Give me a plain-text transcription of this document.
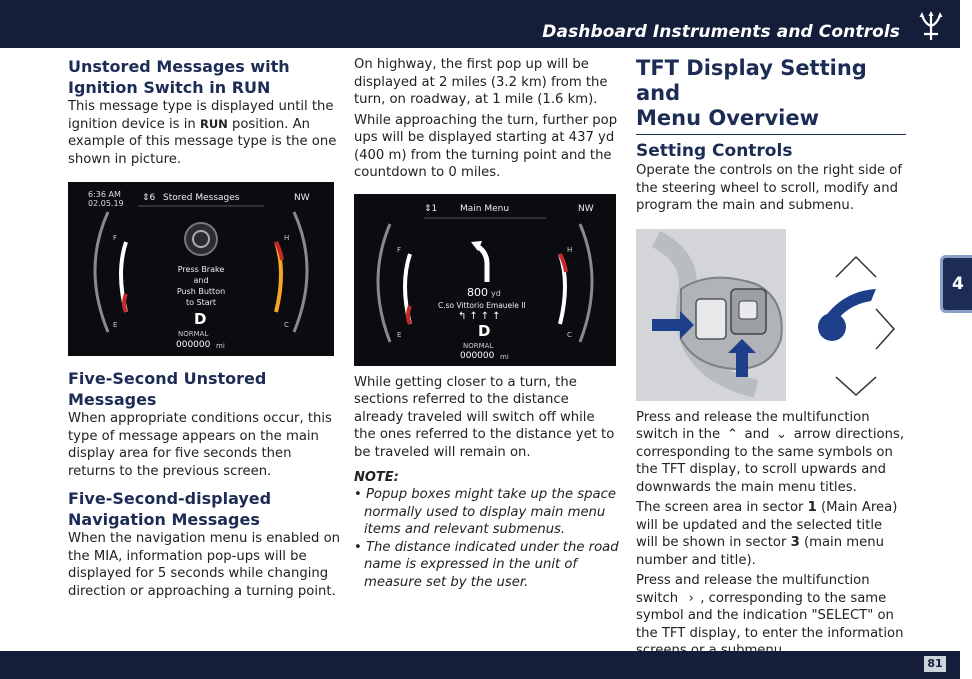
Dashboard Instruments and Controls
4
Unstored Messages with
Ignition Switch in RUN

This message type is displayed until the ignition device is in RUN position. An example of this message type is the one shown in picture.

6:36 AM
02.05.19
⇕6 Stored Messages	NW
F
E
H
C
Press Brake
and
Push Button
to Start
D
NORMAL
000000 mi
Five-Second Unstored
Messages

When appropriate conditions occur, this type of message appears on the main display area for five seconds then returns to the previous screen.

Five-Second-displayed
Navigation Messages

When the navigation menu is enabled on the MIA, information pop-ups will be displayed for 5 seconds while changing direction or approaching a turning point.

On highway, the first pop up will be displayed at 2 miles (3.2 km) from the turn, on roadway, at 1 mile (1.6 km).

While approaching the turn, further pop ups will be displayed starting at 437 yd (400 m) from the turning point and the countdown to 0 miles.

⇕1	Main Menu	NW
F
E
H
C
800 yd
C.so Vittorio Emauele II
↰↑↑↑
D
NORMAL
000000 mi

While getting closer to a turn, the sections referred to the distance already traveled will switch off while the ones referred to the distance yet to be traveled will remain on.

NOTE:
• Popup boxes might take up the space normally used to display main menu items and relevant submenus.
• The distance indicated under the road name is expressed in the unit of measure set by the user.
TFT Display Setting and
Menu Overview
Setting Controls

Operate the controls on the right side of the steering wheel to scroll, modify and program the main and submenu.

Press and release the multifunction switch in the ⌃ and ⌄ arrow directions, corresponding to the same symbols on the TFT display, to scroll upwards and downwards the main menu titles.

The screen area in sector 1 (Main Area) will be updated and the selected title will be shown in sector 3 (main menu number and title).

Press and release the multifunction switch › , corresponding to the same symbol and the indication "SELECT" on the TFT display, to enter the information

81
